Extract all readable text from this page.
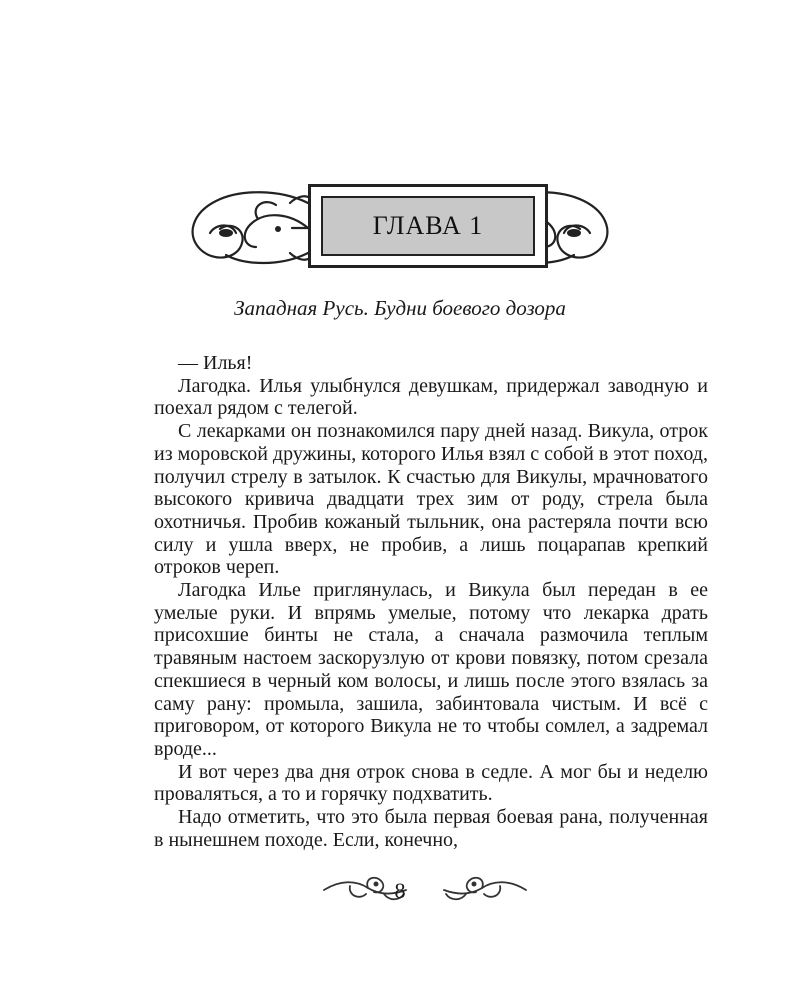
ГЛАВА 1
Западная Русь. Будни боевого дозора

— Илья!

Лагодка. Илья улыбнулся девушкам, придержал заводную и поехал рядом с телегой.

С лекарками он познакомился пару дней назад. Викула, отрок из моровской дружины, которого Илья взял с собой в этот поход, получил стрелу в затылок. К счастью для Викулы, мрачноватого высокого кривича двадцати трех зим от роду, стрела была охотничья. Пробив кожаный тыльник, она растеряла почти всю силу и ушла вверх, не пробив, а лишь поцарапав крепкий отроков череп.

Лагодка Илье приглянулась, и Викула был передан в ее умелые руки. И впрямь умелые, потому что лекарка драть присохшие бинты не стала, а сначала размочила теплым травяным настоем заскорузлую от крови повязку, потом срезала спекшиеся в черный ком волосы, и лишь после этого взялась за саму рану: промыла, зашила, забинтовала чистым. И всё с приговором, от которого Викула не то чтобы сомлел, а задремал вроде...

И вот через два дня отрок снова в седле. А мог бы и неделю проваляться, а то и горячку подхватить.

Надо отметить, что это была первая боевая рана, полученная в нынешнем походе. Если, конечно,

8
